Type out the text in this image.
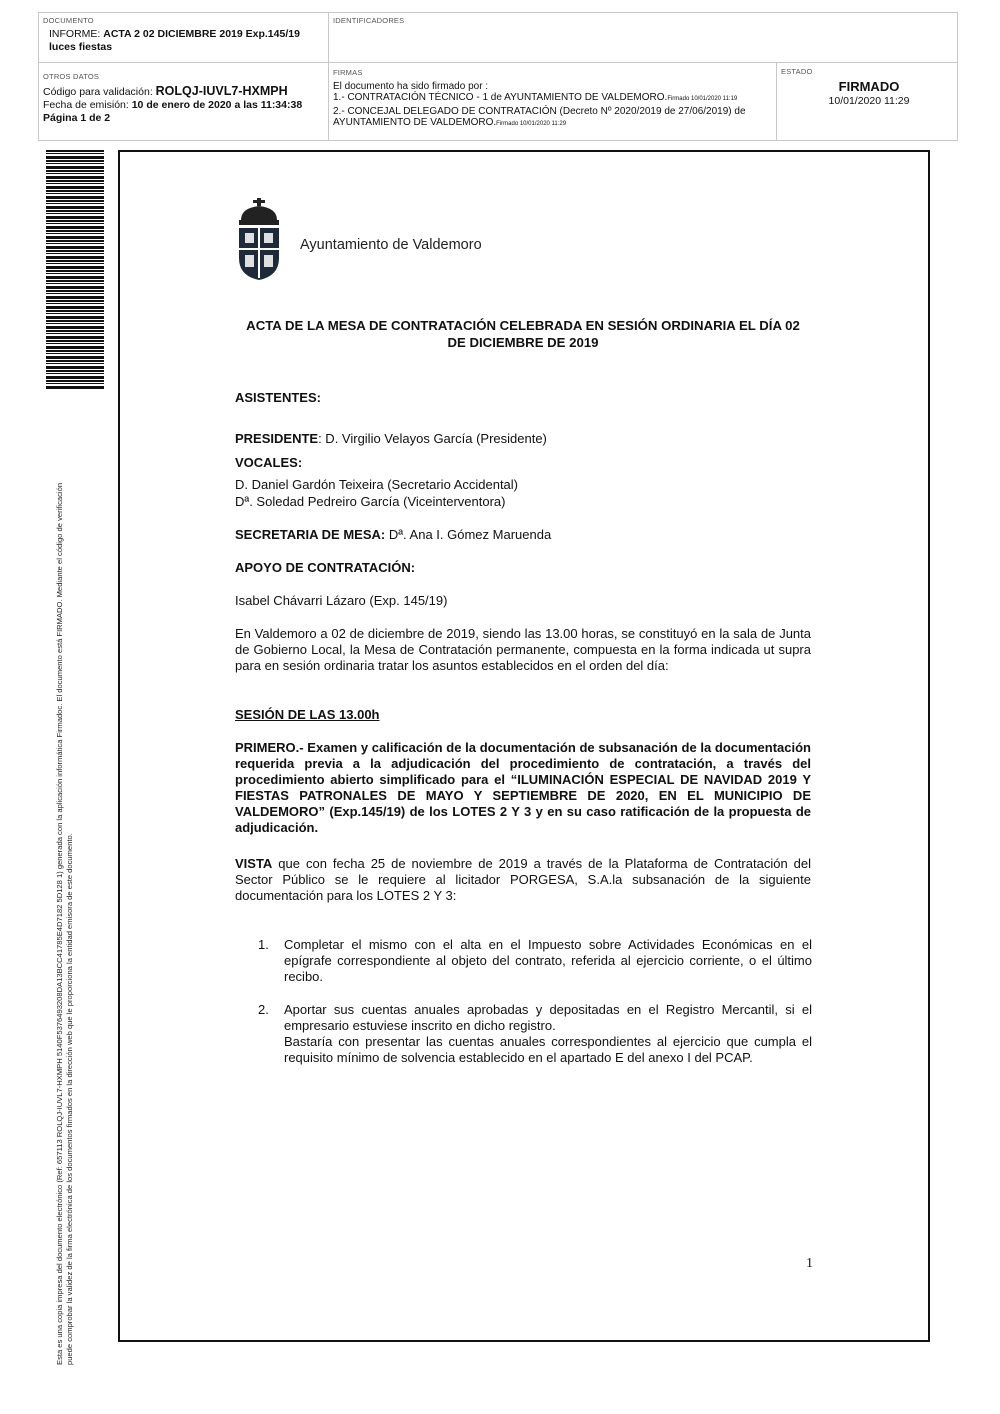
DOCUMENTO
INFORME: ACTA 2 02 DICIEMBRE 2019 Exp.145/19
luces fiestas
IDENTIFICADORES
OTROS DATOS
Código para validación: ROLQJ-IUVL7-HXMPH
Fecha de emisión: 10 de enero de 2020 a las 11:34:38
Página 1 de 2
FIRMAS
El documento ha sido firmado por :
1.- CONTRATACIÓN TÉCNICO - 1 de AYUNTAMIENTO DE VALDEMORO.Firmado 10/01/2020 11:19
2.- CONCEJAL DELEGADO DE CONTRATACIÓN (Decreto Nº 2020/2019 de 27/06/2019) de
AYUNTAMIENTO DE VALDEMORO.Firmado 10/01/2020 11:29
ESTADO
FIRMADO
10/01/2020 11:29
Esta es una copia impresa del documento electrónico (Ref: 657113 ROLQJ-IUVL7-HXMPH 5140F5376493208DA13BCC41785E4D7182 5D128 1) generada con la aplicación informática Firmadoc. El documento está FIRMADO. Mediante el código de verificación puede comprobar la validez de la firma electrónica de los documentos firmados en la dirección web que le proporciona la entidad emisora de este documento.
Ayuntamiento de Valdemoro
ACTA DE LA MESA DE CONTRATACIÓN CELEBRADA EN SESIÓN ORDINARIA EL DÍA 02
DE DICIEMBRE DE 2019
ASISTENTES:
PRESIDENTE: D. Virgilio Velayos García (Presidente)
VOCALES:
D. Daniel Gardón Teixeira (Secretario Accidental)
Dª. Soledad Pedreiro García (Viceinterventora)
SECRETARIA DE MESA: Dª. Ana I. Gómez Maruenda
APOYO DE CONTRATACIÓN:
Isabel Chávarri Lázaro (Exp. 145/19)
En Valdemoro a 02 de diciembre de 2019, siendo las 13.00 horas, se constituyó en la sala de Junta de Gobierno Local, la Mesa de Contratación permanente, compuesta en la forma indicada ut supra para en sesión ordinaria tratar los asuntos establecidos en el orden del día:
SESIÓN DE LAS 13.00h
PRIMERO.- Examen y calificación de la documentación de subsanación de la documentación requerida previa a la adjudicación del procedimiento de contratación, a través del procedimiento abierto simplificado para el “ILUMINACIÓN ESPECIAL DE NAVIDAD 2019 Y FIESTAS PATRONALES DE MAYO Y SEPTIEMBRE DE 2020, EN EL MUNICIPIO DE VALDEMORO” (Exp.145/19) de los LOTES 2 Y 3 y en su caso ratificación de la propuesta de adjudicación.
VISTA que con fecha 25 de noviembre de 2019 a través de la Plataforma de Contratación del Sector Público se le requiere al licitador PORGESA, S.A.la subsanación de la siguiente documentación para los LOTES 2 Y 3:
1. Completar el mismo con el alta en el Impuesto sobre Actividades Económicas en el epígrafe correspondiente al objeto del contrato, referida al ejercicio corriente, o el último recibo.
2. Aportar sus cuentas anuales aprobadas y depositadas en el Registro Mercantil, si el empresario estuviese inscrito en dicho registro.
Bastaría con presentar las cuentas anuales correspondientes al ejercicio que cumpla el requisito mínimo de solvencia establecido en el apartado E del anexo I del PCAP.
1
